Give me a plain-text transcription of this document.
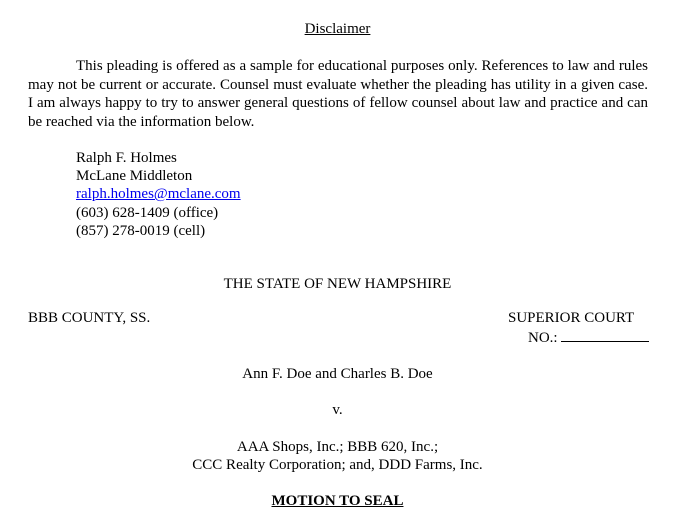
Disclaimer

This pleading is offered as a sample for educational purposes only. References to law and rules may not be current or accurate. Counsel must evaluate whether the pleading has utility in a given case. I am always happy to try to answer general questions of fellow counsel about law and practice and can be reached via the information below.

Ralph F. Holmes
McLane Middleton
ralph.holmes@mclane.com
(603) 628-1409 (office)
(857) 278-0019 (cell)
THE STATE OF NEW HAMPSHIRE
BBB COUNTY, SS.	SUPERIOR COURT
NO.:
Ann F. Doe and Charles B. Doe
v.
AAA Shops, Inc.; BBB 620, Inc.;
CCC Realty Corporation; and, DDD Farms, Inc.
MOTION TO SEAL
